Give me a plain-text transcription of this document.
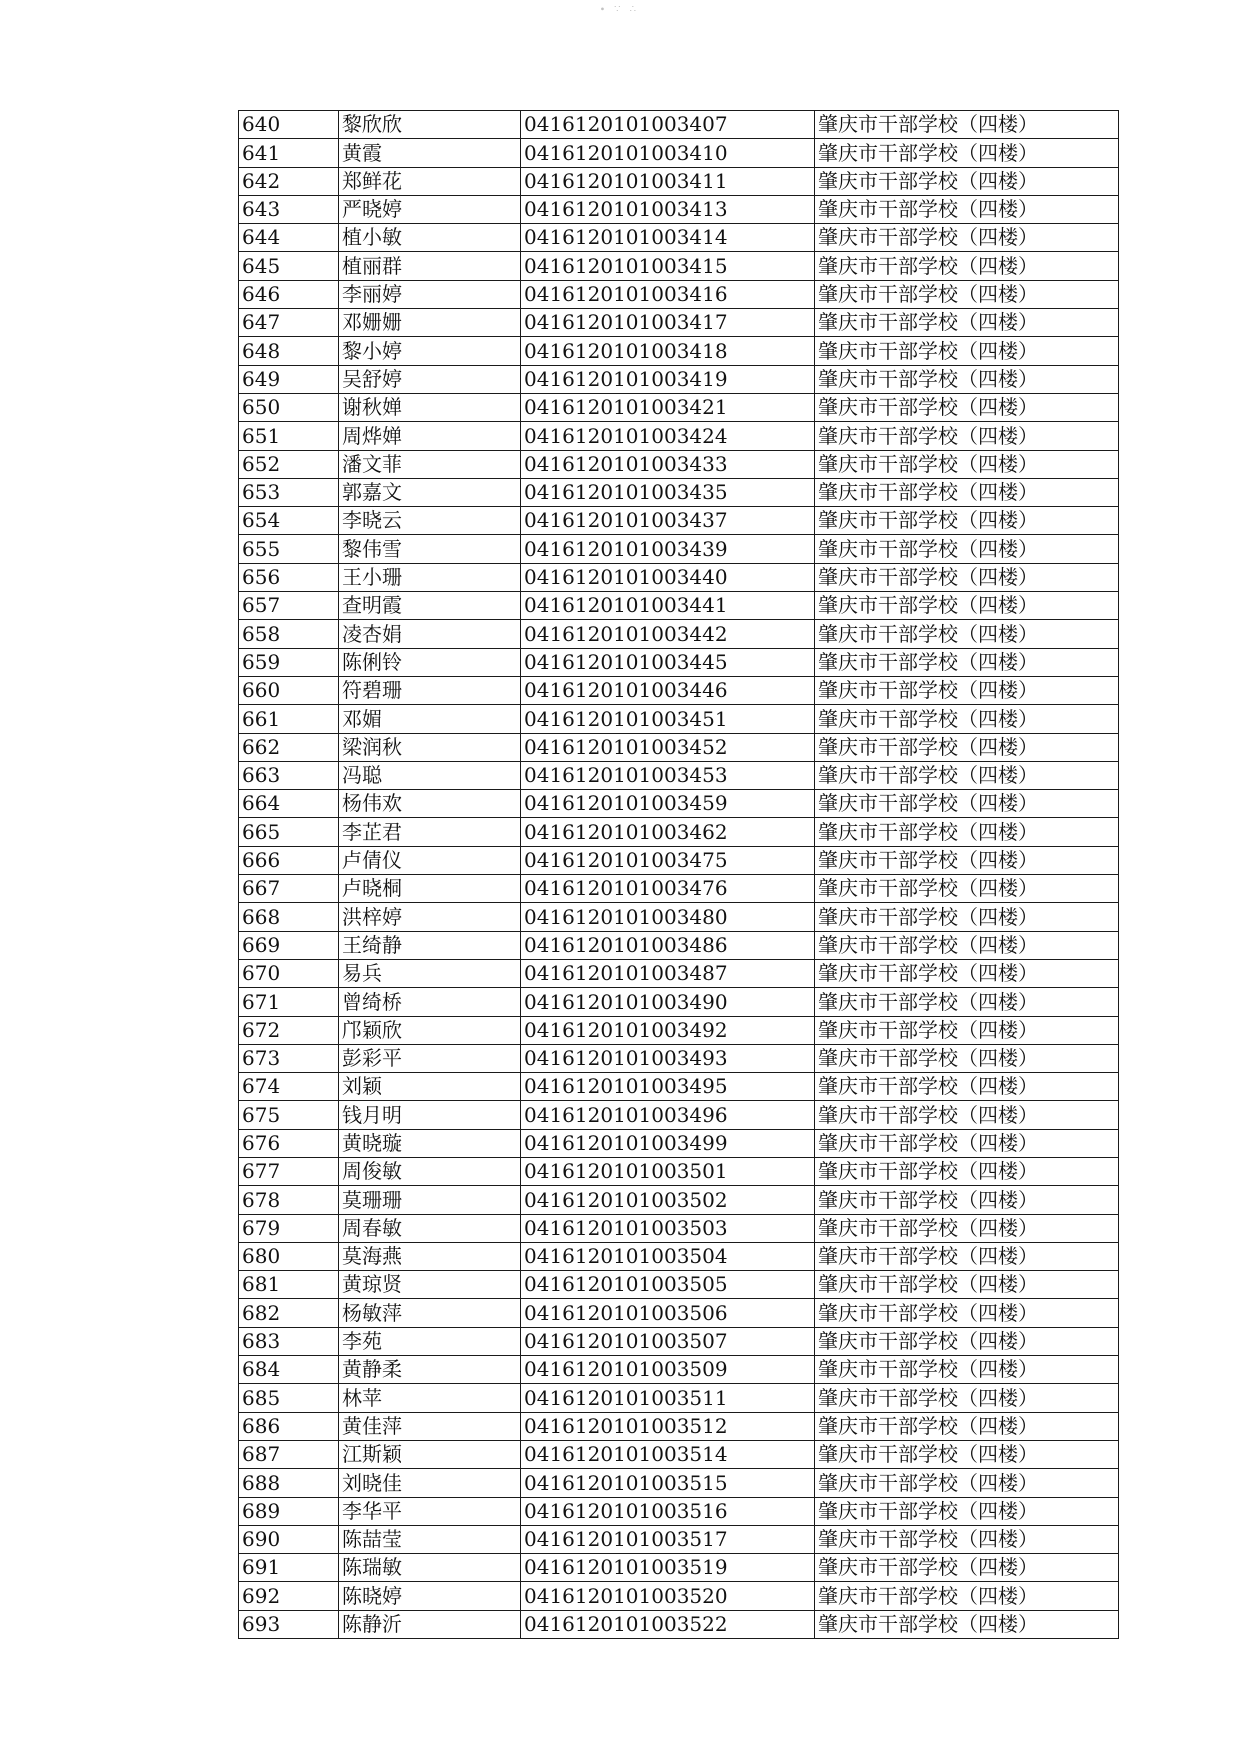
∙ ∵ ∴
640	黎欣欣	0416120101003407	肇庆市干部学校（四楼）
641	黄霞	0416120101003410	肇庆市干部学校（四楼）
642	郑鲜花	0416120101003411	肇庆市干部学校（四楼）
643	严晓婷	0416120101003413	肇庆市干部学校（四楼）
644	植小敏	0416120101003414	肇庆市干部学校（四楼）
645	植丽群	0416120101003415	肇庆市干部学校（四楼）
646	李丽婷	0416120101003416	肇庆市干部学校（四楼）
647	邓姗姗	0416120101003417	肇庆市干部学校（四楼）
648	黎小婷	0416120101003418	肇庆市干部学校（四楼）
649	吴舒婷	0416120101003419	肇庆市干部学校（四楼）
650	谢秋婵	0416120101003421	肇庆市干部学校（四楼）
651	周烨婵	0416120101003424	肇庆市干部学校（四楼）
652	潘文菲	0416120101003433	肇庆市干部学校（四楼）
653	郭嘉文	0416120101003435	肇庆市干部学校（四楼）
654	李晓云	0416120101003437	肇庆市干部学校（四楼）
655	黎伟雪	0416120101003439	肇庆市干部学校（四楼）
656	王小珊	0416120101003440	肇庆市干部学校（四楼）
657	查明霞	0416120101003441	肇庆市干部学校（四楼）
658	凌杏娟	0416120101003442	肇庆市干部学校（四楼）
659	陈俐铃	0416120101003445	肇庆市干部学校（四楼）
660	符碧珊	0416120101003446	肇庆市干部学校（四楼）
661	邓媚	0416120101003451	肇庆市干部学校（四楼）
662	梁润秋	0416120101003452	肇庆市干部学校（四楼）
663	冯聪	0416120101003453	肇庆市干部学校（四楼）
664	杨伟欢	0416120101003459	肇庆市干部学校（四楼）
665	李芷君	0416120101003462	肇庆市干部学校（四楼）
666	卢倩仪	0416120101003475	肇庆市干部学校（四楼）
667	卢晓桐	0416120101003476	肇庆市干部学校（四楼）
668	洪梓婷	0416120101003480	肇庆市干部学校（四楼）
669	王绮静	0416120101003486	肇庆市干部学校（四楼）
670	易兵	0416120101003487	肇庆市干部学校（四楼）
671	曾绮桥	0416120101003490	肇庆市干部学校（四楼）
672	邝颖欣	0416120101003492	肇庆市干部学校（四楼）
673	彭彩平	0416120101003493	肇庆市干部学校（四楼）
674	刘颖	0416120101003495	肇庆市干部学校（四楼）
675	钱月明	0416120101003496	肇庆市干部学校（四楼）
676	黄晓璇	0416120101003499	肇庆市干部学校（四楼）
677	周俊敏	0416120101003501	肇庆市干部学校（四楼）
678	莫珊珊	0416120101003502	肇庆市干部学校（四楼）
679	周春敏	0416120101003503	肇庆市干部学校（四楼）
680	莫海燕	0416120101003504	肇庆市干部学校（四楼）
681	黄琼贤	0416120101003505	肇庆市干部学校（四楼）
682	杨敏萍	0416120101003506	肇庆市干部学校（四楼）
683	李苑	0416120101003507	肇庆市干部学校（四楼）
684	黄静柔	0416120101003509	肇庆市干部学校（四楼）
685	林苹	0416120101003511	肇庆市干部学校（四楼）
686	黄佳萍	0416120101003512	肇庆市干部学校（四楼）
687	江斯颖	0416120101003514	肇庆市干部学校（四楼）
688	刘晓佳	0416120101003515	肇庆市干部学校（四楼）
689	李华平	0416120101003516	肇庆市干部学校（四楼）
690	陈喆莹	0416120101003517	肇庆市干部学校（四楼）
691	陈瑞敏	0416120101003519	肇庆市干部学校（四楼）
692	陈晓婷	0416120101003520	肇庆市干部学校（四楼）
693	陈静沂	0416120101003522	肇庆市干部学校（四楼）
